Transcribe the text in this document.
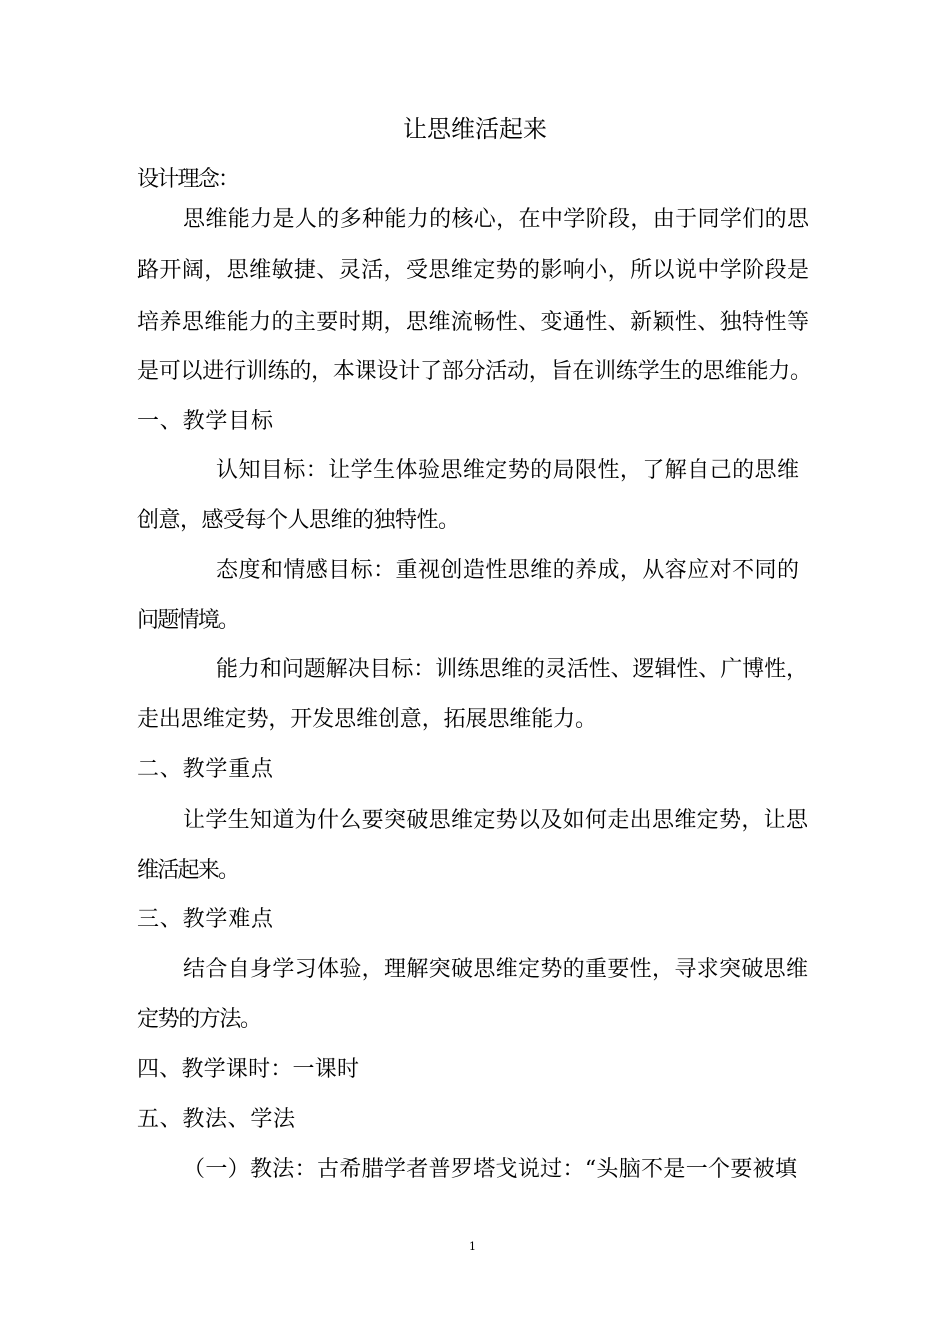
让思维活起来
设计理念：
思维能力是人的多种能力的核心，在中学阶段，由于同学们的思
路开阔，思维敏捷、灵活，受思维定势的影响小，所以说中学阶段是
培养思维能力的主要时期，思维流畅性、变通性、新颖性、独特性等
是可以进行训练的，本课设计了部分活动，旨在训练学生的思维能力。
一、教学目标
认知目标：让学生体验思维定势的局限性，了解自己的思维
创意，感受每个人思维的独特性。
态度和情感目标：重视创造性思维的养成，从容应对不同的
问题情境。
能力和问题解决目标：训练思维的灵活性、逻辑性、广博性，
走出思维定势，开发思维创意，拓展思维能力。
二、教学重点
让学生知道为什么要突破思维定势以及如何走出思维定势，让思
维活起来。
三、教学难点
结合自身学习体验，理解突破思维定势的重要性，寻求突破思维
定势的方法。
四、教学课时：一课时
五、教法、学法
（一）教法：古希腊学者普罗塔戈说过：“头脑不是一个要被填
1
